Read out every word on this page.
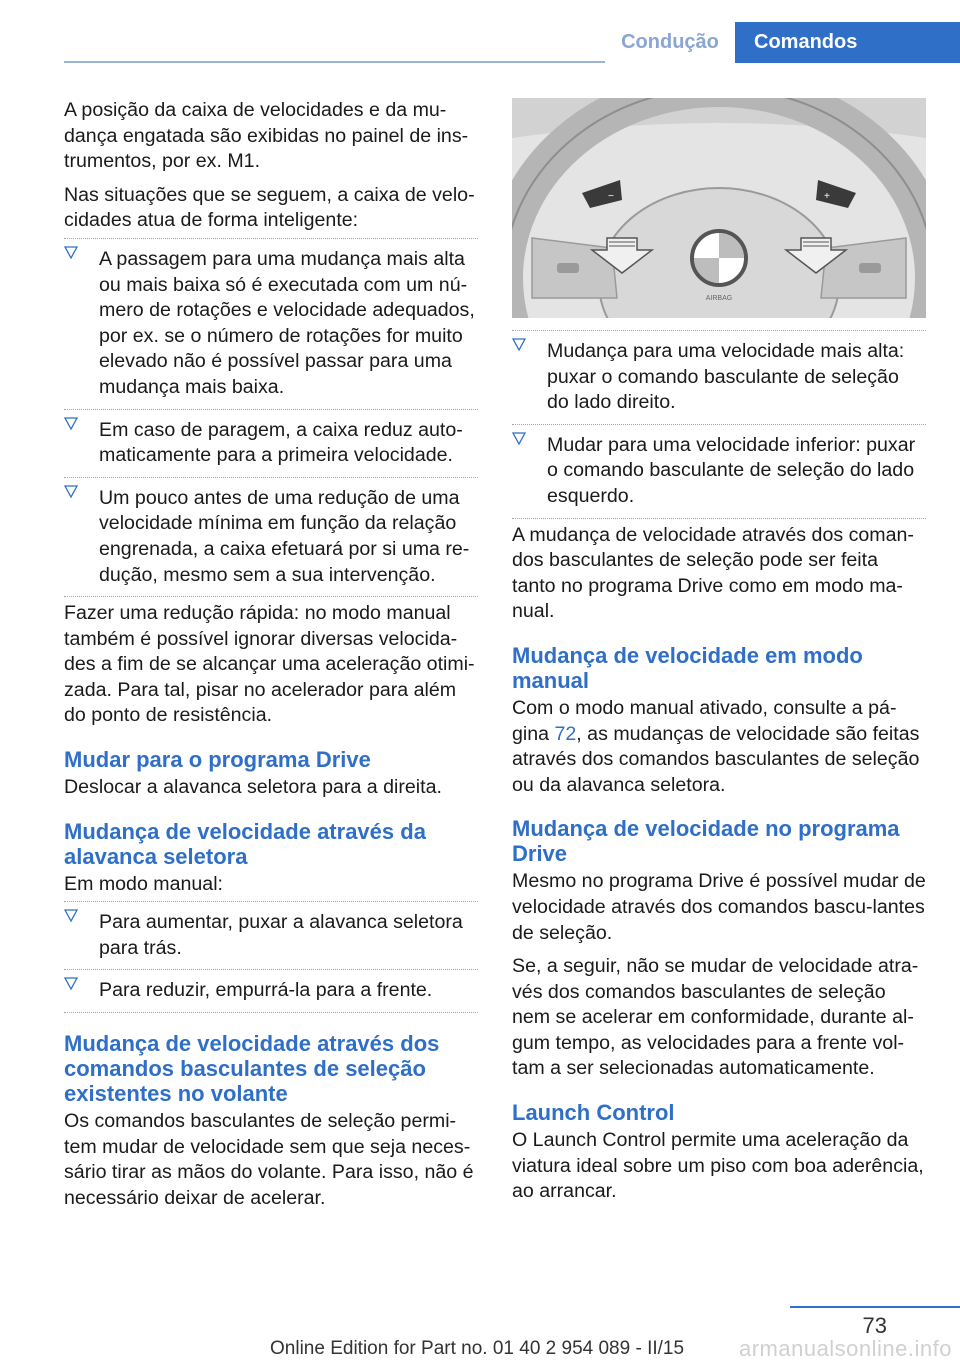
Condução	Comandos

A posição da caixa de velocidades e da mu‐dança engatada são exibidas no painel de ins‐trumentos, por ex. M1.

Nas situações que se seguem, a caixa de velo‐cidades atua de forma inteligente:

A passagem para uma mudança mais alta ou mais baixa só é executada com um nú‐mero de rotações e velocidade adequados, por ex. se o número de rotações for muito elevado não é possível passar para uma mudança mais baixa.
Em caso de paragem, a caixa reduz auto‐maticamente para a primeira velocidade.
Um pouco antes de uma redução de uma velocidade mínima em função da relação engrenada, a caixa efetuará por si uma re‐dução, mesmo sem a sua intervenção.

Fazer uma redução rápida: no modo manual também é possível ignorar diversas velocida‐des a fim de se alcançar uma aceleração otimi‐zada. Para tal, pisar no acelerador para além do ponto de resistência.

Mudar para o programa Drive

Deslocar a alavanca seletora para a direita.

Mudança de velocidade através da alavanca seletora

Em modo manual:

Para aumentar, puxar a alavanca seletora para trás.
Para reduzir, empurrá-la para a frente.
Mudança de velocidade através dos comandos basculantes de seleção existentes no volante

Os comandos basculantes de seleção permi‐tem mudar de velocidade sem que seja neces‐sário tirar as mãos do volante. Para isso, não é necessário deixar de acelerar.

−	+
AIRBAG
Mudança para uma velocidade mais alta: puxar o comando basculante de seleção do lado direito.
Mudar para uma velocidade inferior: puxar o comando basculante de seleção do lado esquerdo.

A mudança de velocidade através dos coman‐dos basculantes de seleção pode ser feita tanto no programa Drive como em modo ma‐nual.

Mudança de velocidade em modo manual

Com o modo manual ativado, consulte a pá‐gina 72, as mudanças de velocidade são feitas através dos comandos basculantes de seleção ou da alavanca seletora.

Mudança de velocidade no programa Drive

Mesmo no programa Drive é possível mudar de velocidade através dos comandos bascu‐lantes de seleção.

Se, a seguir, não se mudar de velocidade atra‐vés dos comandos basculantes de seleção nem se acelerar em conformidade, durante al‐gum tempo, as velocidades para a frente vol‐tam a ser selecionadas automaticamente.

Launch Control

O Launch Control permite uma aceleração da viatura ideal sobre um piso com boa aderência, ao arrancar.

73
Online Edition for Part no. 01 40 2 954 089 - II/15 armanualsonline.info
